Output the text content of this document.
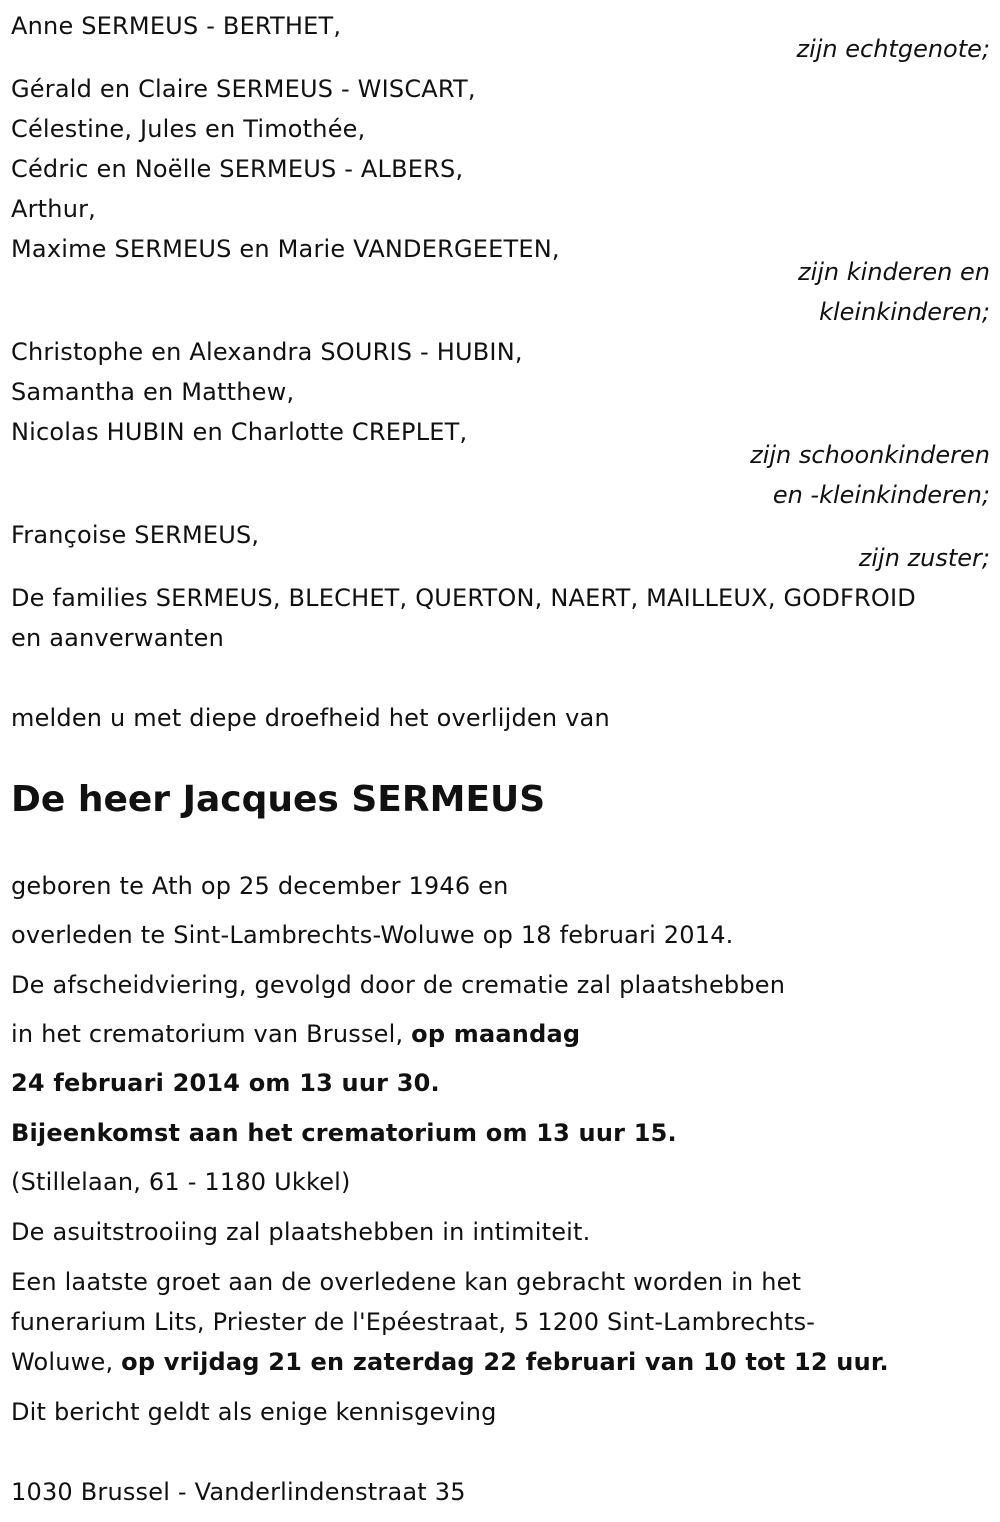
Anne SERMEUS - BERTHET,
zijn echtgenote;
Gérald en Claire SERMEUS - WISCART,
Célestine, Jules en Timothée,
Cédric en Noëlle SERMEUS - ALBERS,
Arthur,
Maxime SERMEUS en Marie VANDERGEETEN,
zijn kinderen en
kleinkinderen;
Christophe en Alexandra SOURIS - HUBIN,
Samantha en Matthew,
Nicolas HUBIN en Charlotte CREPLET,
zijn schoonkinderen
en -kleinkinderen;
Françoise SERMEUS,
zijn zuster;
De families SERMEUS, BLECHET, QUERTON, NAERT, MAILLEUX, GODFROID
en aanverwanten
melden u met diepe droefheid het overlijden van
De heer Jacques SERMEUS
geboren te Ath op 25 december 1946 en
overleden te Sint-Lambrechts-Woluwe op 18 februari 2014.
De afscheidviering, gevolgd door de crematie zal plaatshebben
in het crematorium van Brussel, op maandag
24 februari 2014 om 13 uur 30.
Bijeenkomst aan het crematorium om 13 uur 15.
(Stillelaan, 61 - 1180 Ukkel)
De asuitstrooiing zal plaatshebben in intimiteit.
Een laatste groet aan de overledene kan gebracht worden in het
funerarium Lits, Priester de l'Epéestraat, 5 1200 Sint-Lambrechts-
Woluwe, op vrijdag 21 en zaterdag 22 februari van 10 tot 12 uur.
Dit bericht geldt als enige kennisgeving
1030 Brussel - Vanderlindenstraat 35
